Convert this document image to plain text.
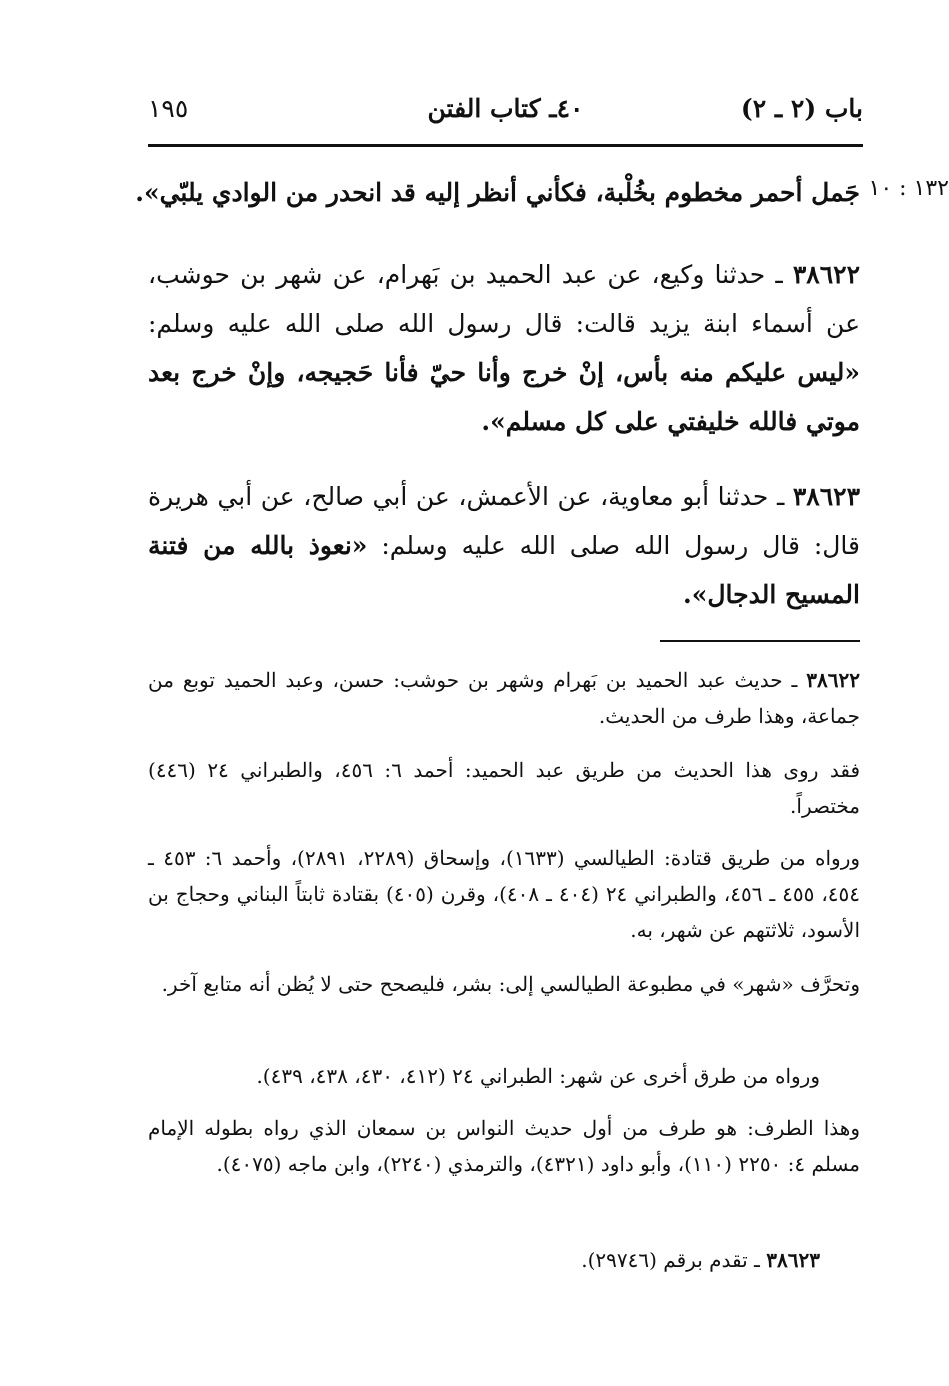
باب (٢ ـ ٢)
٤٠ـ كتاب الفتن
١٩٥
١٣٢ : ١٠
جَمل أحمر مخطوم بخُلْبة، فكأني أنظر إليه قد انحدر من الوادي يلبّي».
٣٨٦٢٢ ـ حدثنا وكيع، عن عبد الحميد بن بَهرام، عن شهر بن حوشب، عن أسماء ابنة يزيد قالت: قال رسول الله صلى الله عليه وسلم: «ليس عليكم منه بأس، إنْ خرج وأنا حيّ فأنا حَجيجه، وإنْ خرج بعد موتي فالله خليفتي على كل مسلم».
٣٨٦٢٣ ـ حدثنا أبو معاوية، عن الأعمش، عن أبي صالح، عن أبي هريرة قال: قال رسول الله صلى الله عليه وسلم: «نعوذ بالله من فتنة المسيح الدجال».
٣٨٦٢٢ ـ حديث عبد الحميد بن بَهرام وشهر بن حوشب: حسن، وعبد الحميد توبع من جماعة، وهذا طرف من الحديث.
فقد روى هذا الحديث من طريق عبد الحميد: أحمد ٦: ٤٥٦، والطبراني ٢٤ (٤٤٦) مختصراً.
ورواه من طريق قتادة: الطيالسي (١٦٣٣)، وإسحاق (٢٢٨٩، ٢٨٩١)، وأحمد ٦: ٤٥٣ ـ ٤٥٤، ٤٥٥ ـ ٤٥٦، والطبراني ٢٤ (٤٠٤ ـ ٤٠٨)، وقرن (٤٠٥) بقتادة ثابتاً البناني وحجاج بن الأسود، ثلاثتهم عن شهر، به.
وتحرَّف «شهر» في مطبوعة الطيالسي إلى: بشر، فليصحح حتى لا يُظن أنه متابع آخر.
ورواه من طرق أخرى عن شهر: الطبراني ٢٤ (٤١٢، ٤٣٠، ٤٣٨، ٤٣٩).
وهذا الطرف: هو طرف من أول حديث النواس بن سمعان الذي رواه بطوله الإمام مسلم ٤: ٢٢٥٠ (١١٠)، وأبو داود (٤٣٢١)، والترمذي (٢٢٤٠)، وابن ماجه (٤٠٧٥).
٣٨٦٢٣ ـ تقدم برقم (٢٩٧٤٦).
